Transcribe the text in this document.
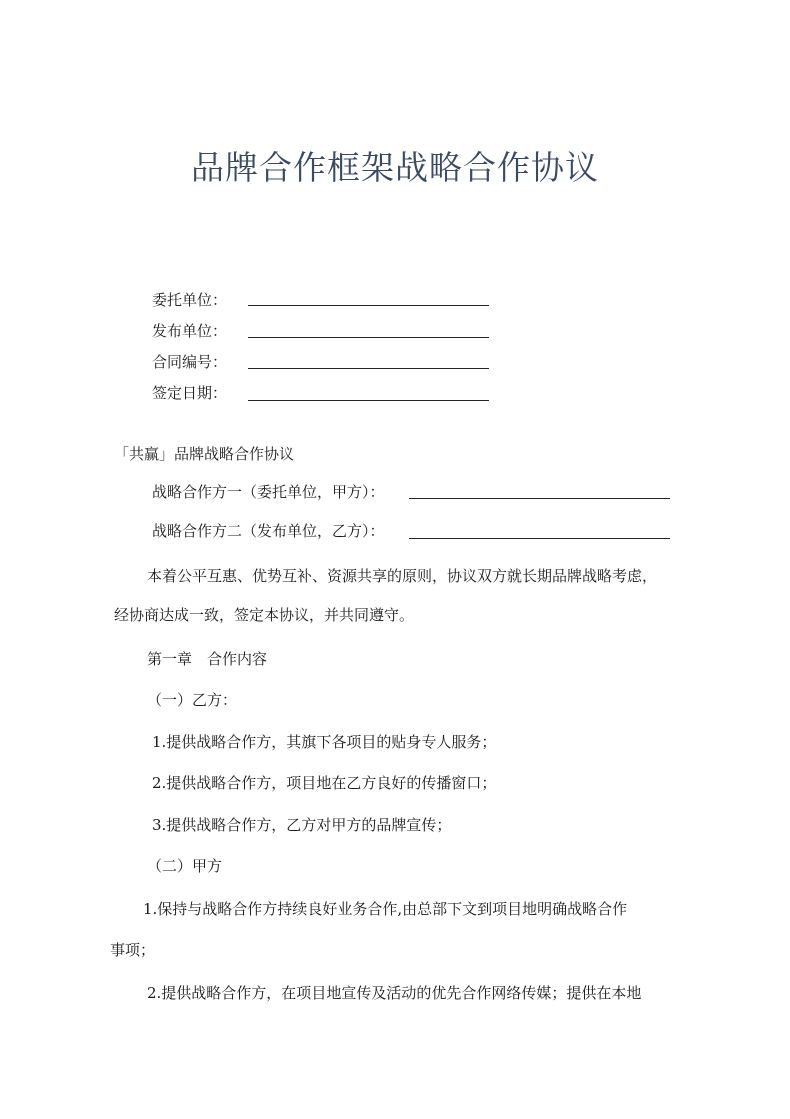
品牌合作框架战略合作协议
委托单位：
发布单位：
合同编号：
签定日期：
「共赢」品牌战略合作协议
战略合作方一（委托单位，甲方）：
战略合作方二（发布单位，乙方）：
本着公平互惠、优势互补、资源共享的原则，协议双方就长期品牌战略考虑，
经协商达成一致，签定本协议，并共同遵守。
第一章　合作内容
（一）乙方：
1.提供战略合作方，其旗下各项目的贴身专人服务；
2.提供战略合作方，项目地在乙方良好的传播窗口；
3.提供战略合作方，乙方对甲方的品牌宣传；
（二）甲方
1.保持与战略合作方持续良好业务合作,由总部下文到项目地明确战略合作
事项；
2.提供战略合作方，在项目地宣传及活动的优先合作网络传媒；提供在本地
